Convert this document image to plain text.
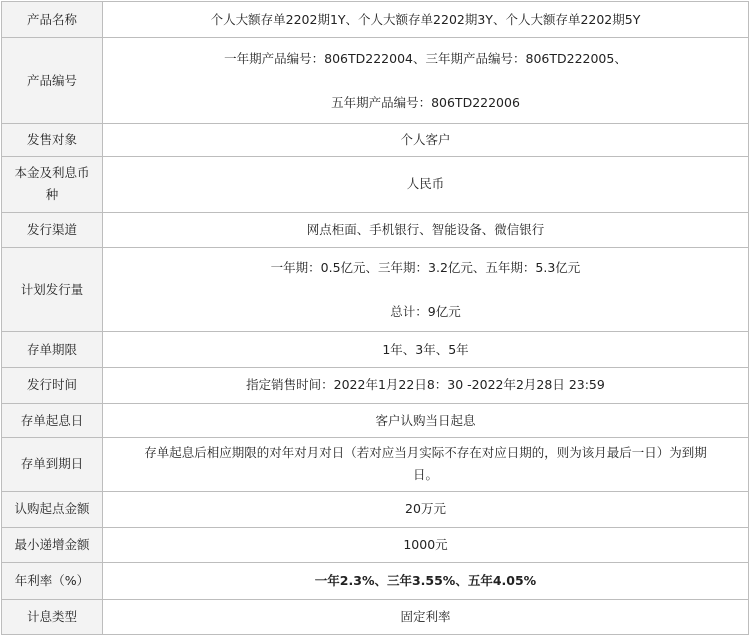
产品名称	个人大额存单2202期1Y、个人大额存单2202期3Y、个人大额存单2202期5Y

产品编号	一年期产品编号：806TD222004、三年期产品编号：806TD222005、
五年期产品编号：806TD222006

发售对象	个人客户

本金及利息币
种	人民币

发行渠道	网点柜面、手机银行、智能设备、微信银行

计划发行量	一年期：0.5亿元、三年期：3.2亿元、五年期：5.3亿元
总计：9亿元

存单期限	1年、3年、5年

发行时间	指定销售时间：2022年1月22日8：30 -2022年2月28日 23:59

存单起息日	客户认购当日起息

存单到期日	存单起息后相应期限的对年对月对日（若对应当月实际不存在对应日期的，则为该月最后一日）为到期
日。

认购起点金额	20万元

最小递增金额	1000元

年利率（%）	一年2.3%、三年3.55%、五年4.05%

计息类型	固定利率
